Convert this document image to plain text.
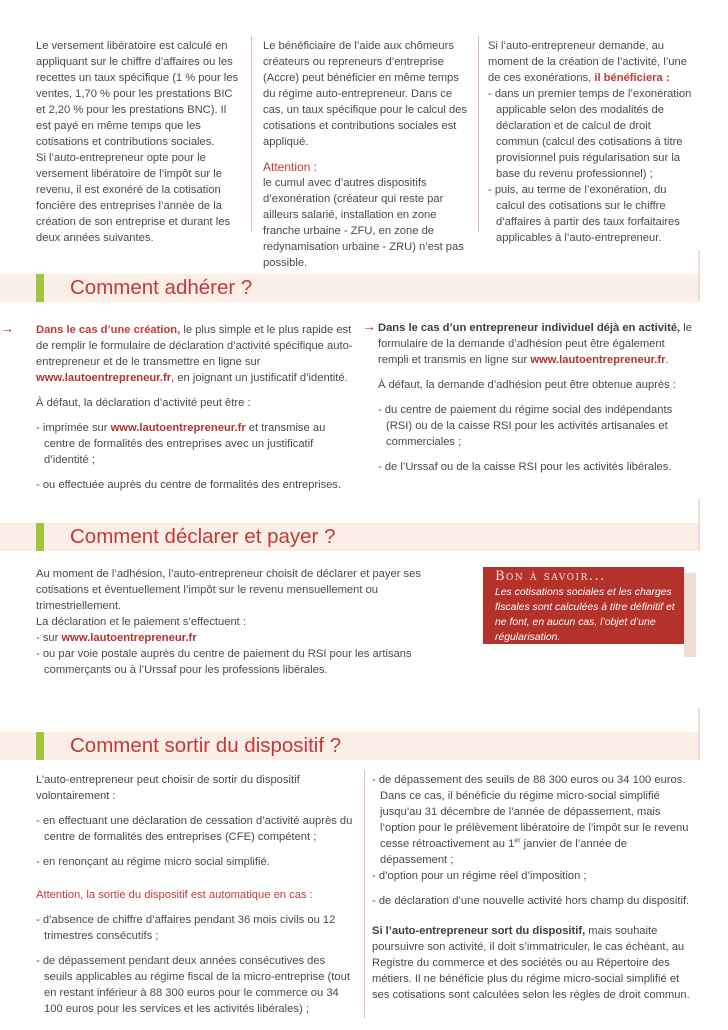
Le versement libératoire est calculé en appliquant sur le chiffre d’affaires ou les recettes un taux spécifique (1 % pour les ventes, 1,70 % pour les prestations BIC et 2,20 % pour les prestations BNC). Il est payé en même temps que les cotisations et contributions sociales.

Si l’auto-entrepreneur opte pour le versement libératoire de l’impôt sur le revenu, il est exonéré de la cotisation foncière des entreprises l’année de la création de son entreprise et durant les deux années suivantes.

Le bénéficiaire de l’aide aux chômeurs créateurs ou repreneurs d’entreprise (Accre) peut bénéficier en même temps du régime auto-entrepreneur. Dans ce cas, un taux spécifique pour le calcul des cotisations et contributions sociales est appliqué.

Attention :

le cumul avec d’autres dispositifs d’exonération (créateur qui reste par ailleurs salarié, installation en zone franche urbaine - ZFU, en zone de redynamisation urbaine - ZRU) n’est pas possible.

Si l’auto-entrepreneur demande, au moment de la création de l’activité, l’une de ces exonérations, il bénéficiera :

- dans un premier temps de l’exonération applicable selon des modalités de déclaration et de calcul de droit commun (calcul des cotisations à titre provisionnel puis régularisation sur la base du revenu professionnel) ;

- puis, au terme de l’exonération, du calcul des cotisations sur le chiffre d’affaires à partir des taux forfaitaires applicables à l’auto-entrepreneur.

Comment adhérer ?
→ Dans le cas d’une création, le plus simple et le plus rapide est de remplir le formulaire de déclaration d’activité spécifique auto-entrepreneur et de le transmettre en ligne sur www.lautoentrepreneur.fr, en joignant un justificatif d’identité.

À défaut, la déclaration d’activité peut être :

- imprimée sur www.lautoentrepreneur.fr et transmise au centre de formalités des entreprises avec un justificatif d’identité ;

- ou effectuée auprès du centre de formalités des entreprises.

→ Dans le cas d’un entrepreneur individuel déjà en activité, le formulaire de la demande d’adhésion peut être également rempli et transmis en ligne sur www.lautoentrepreneur.fr.

À défaut, la demande d’adhésion peut être obtenue auprès :

- du centre de paiement du régime social des indépendants (RSI) ou de la caisse RSI pour les activités artisanales et commerciales ;

- de l’Urssaf ou de la caisse RSI pour les activités libérales.

Comment déclarer et payer ?

Au moment de l’adhésion, l’auto-entrepreneur choisit de déclarer et payer ses cotisations et éventuellement l’impôt sur le revenu mensuellement ou trimestriellement.

La déclaration et le paiement s’effectuent :

- sur www.lautoentrepreneur.fr

- ou par voie postale auprès du centre de paiement du RSI pour les artisans commerçants ou à l’Urssaf pour les professions libérales.

Bon à savoir...
Les cotisations sociales et les charges fiscales sont calculées à titre définitif et ne font, en aucun cas, l’objet d’une régularisation.
Comment sortir du dispositif ?

L’auto-entrepreneur peut choisir de sortir du dispositif volontairement :

- en effectuant une déclaration de cessation d’activité auprès du centre de formalités des entreprises (CFE) compétent ;

- en renonçant au régime micro social simplifié.

Attention, la sortie du dispositif est automatique en cas :

- d’absence de chiffre d’affaires pendant 36 mois civils ou 12 trimestres consécutifs ;

- de dépassement pendant deux années consécutives des seuils applicables au régime fiscal de la micro-entreprise (tout en restant inférieur à 88 300 euros pour le commerce ou 34 100 euros pour les services et les activités libérales) ;

- de dépassement des seuils de 88 300 euros ou 34 100 euros. Dans ce cas, il bénéficie du régime micro-social simplifié jusqu’au 31 décembre de l’année de dépassement, mais l’option pour le prélèvement libératoire de l’impôt sur le revenu cesse rétroactivement au 1er janvier de l’année de dépassement ;

- d’option pour un régime réel d’imposition ;

- de déclaration d’une nouvelle activité hors champ du dispositif.

Si l’auto-entrepreneur sort du dispositif, mais souhaite poursuivre son activité, il doit s’immatriculer, le cas échéant, au Registre du commerce et des sociétés ou au Répertoire des métiers. Il ne bénéficie plus du régime micro-social simplifié et ses cotisations sont calculées selon les règles de droit commun.
